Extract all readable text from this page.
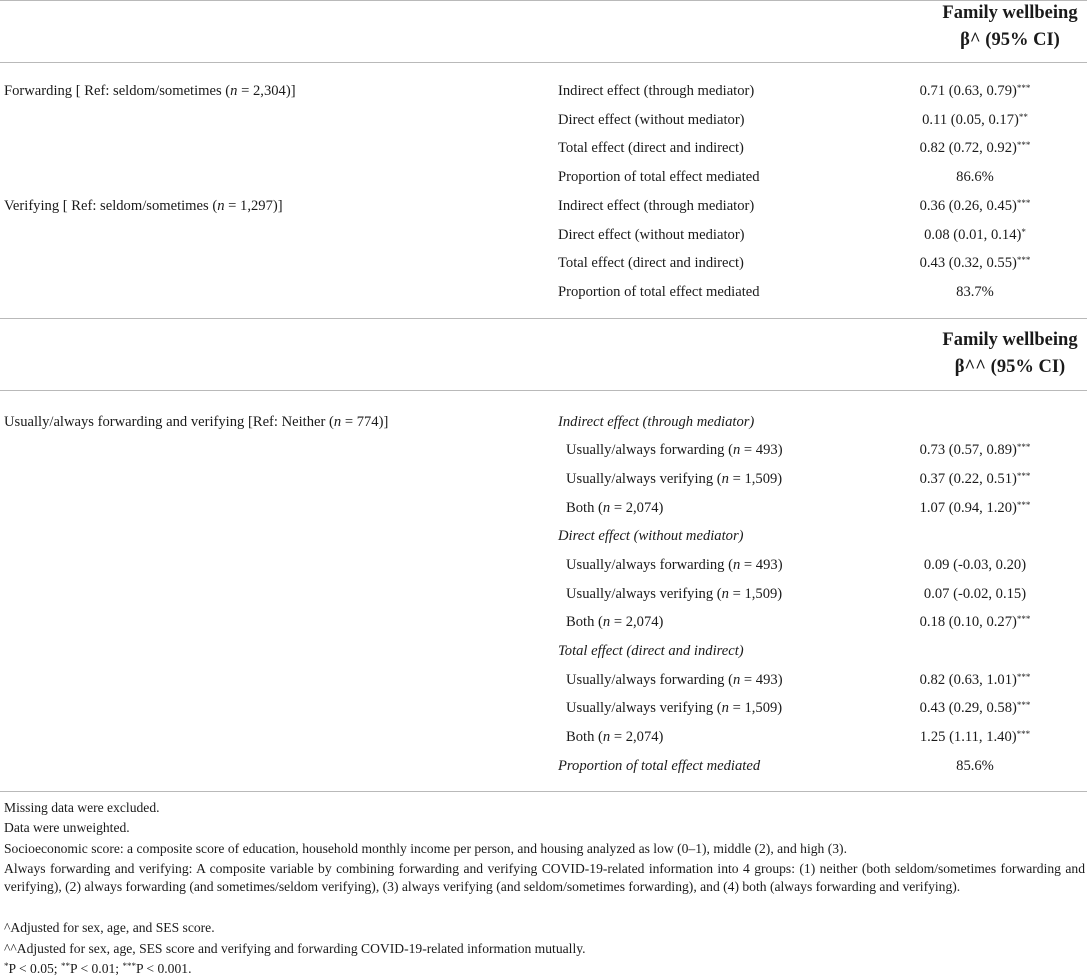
Family wellbeing
β^ (95% CI)
Forwarding [ Ref: seldom/sometimes (n = 2,304)]	Indirect effect (through mediator)	0.71 (0.63, 0.79)***
Direct effect (without mediator)	0.11 (0.05, 0.17)**
Total effect (direct and indirect)	0.82 (0.72, 0.92)***
Proportion of total effect mediated	86.6%
Verifying [ Ref: seldom/sometimes (n = 1,297)]	Indirect effect (through mediator)	0.36 (0.26, 0.45)***
Direct effect (without mediator)	0.08 (0.01, 0.14)*
Total effect (direct and indirect)	0.43 (0.32, 0.55)***
Proportion of total effect mediated	83.7%
Family wellbeing
β^^ (95% CI)
Usually/always forwarding and verifying [Ref: Neither (n = 774)]	Indirect effect (through mediator)
Usually/always forwarding (n = 493)	0.73 (0.57, 0.89)***
Usually/always verifying (n = 1,509)	0.37 (0.22, 0.51)***
Both (n = 2,074)	1.07 (0.94, 1.20)***
Direct effect (without mediator)
Usually/always forwarding (n = 493)	0.09 (-0.03, 0.20)
Usually/always verifying (n = 1,509)	0.07 (-0.02, 0.15)
Both (n = 2,074)	0.18 (0.10, 0.27)***
Total effect (direct and indirect)
Usually/always forwarding (n = 493)	0.82 (0.63, 1.01)***
Usually/always verifying (n = 1,509)	0.43 (0.29, 0.58)***
Both (n = 2,074)	1.25 (1.11, 1.40)***
Proportion of total effect mediated	85.6%
Missing data were excluded.
Data were unweighted.
Socioeconomic score: a composite score of education, household monthly income per person, and housing analyzed as low (0–1), middle (2), and high (3).
Always forwarding and verifying: A composite variable by combining forwarding and verifying COVID-19-related information into 4 groups: (1) neither (both seldom/sometimes forwarding and verifying), (2) always forwarding (and sometimes/seldom verifying), (3) always verifying (and seldom/sometimes forwarding), and (4) both (always forwarding and verifying).
^Adjusted for sex, age, and SES score.
^^Adjusted for sex, age, SES score and verifying and forwarding COVID-19-related information mutually.
*P < 0.05; **P < 0.01; ***P < 0.001.
